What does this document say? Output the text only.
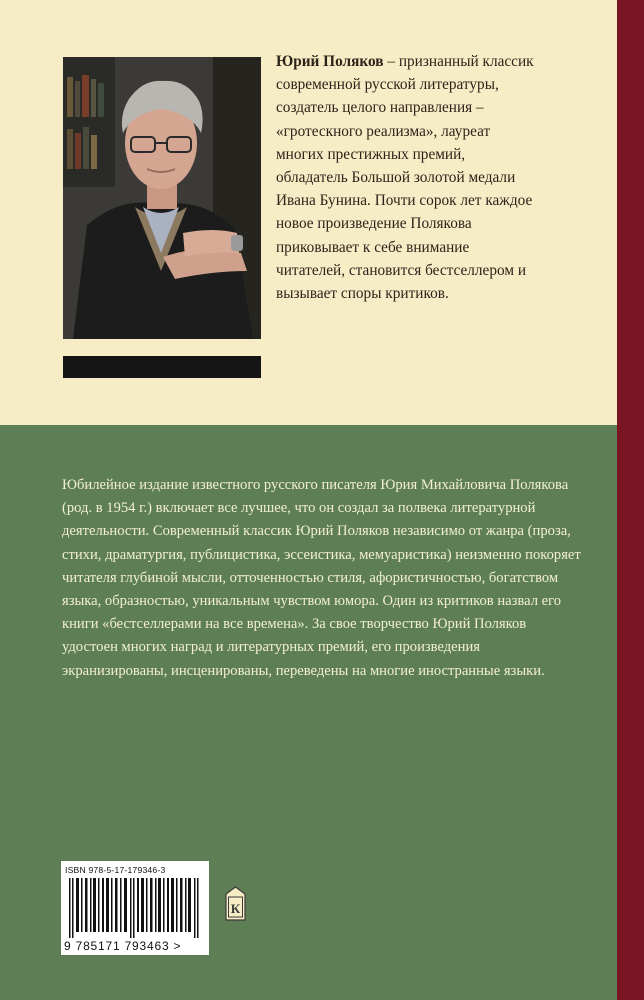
Юрий Поляков – признанный классик современной русской литературы, создатель целого направления – «гротескного реализма», лауреат многих престижных премий, обладатель Большой золотой медали Ивана Бунина. Почти сорок лет каждое новое произведение Полякова приковывает к себе внимание читателей, становится бестселлером и вызывает споры критиков.
Юбилейное издание известного русского писателя Юрия Михайловича Полякова (род. в 1954 г.) включает все лучшее, что он создал за полвека литературной деятельности. Современный классик Юрий Поляков независимо от жанра (проза, стихи, драматургия, публицистика, эссеистика, мемуаристика) неизменно покоряет читателя глубиной мысли, отточенностью стиля, афористичностью, богатством языка, образностью, уникальным чувством юмора. Один из критиков назвал его книги «бестселлерами на все времена». За свое творчество Юрий Поляков удостоен многих наград и литературных премий, его произведения экранизированы, инсценированы, переведены на многие иностранные языки.
ISBN 978-5-17-179346-3
9 785171 793463 >
К
